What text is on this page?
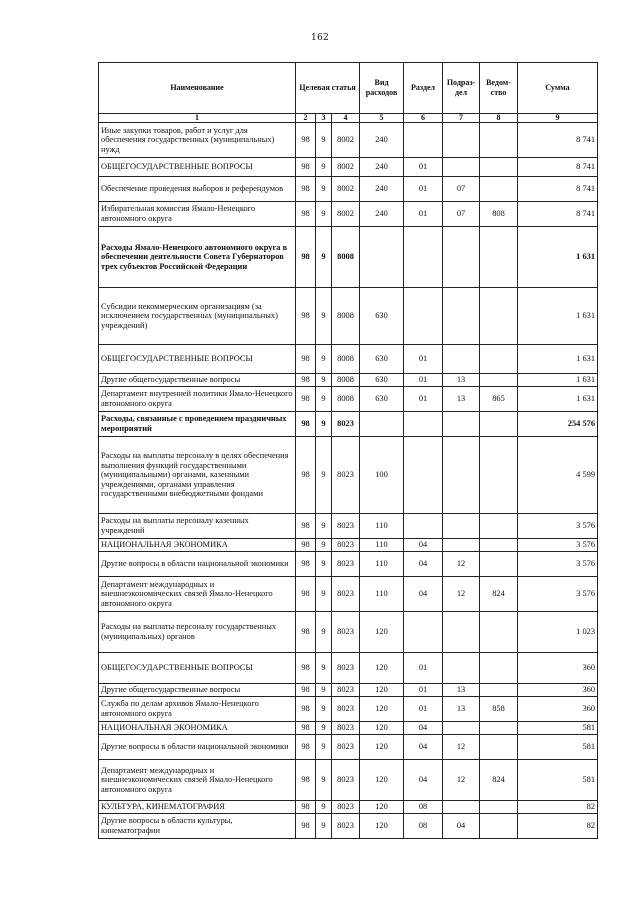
162
Наименование	Целевая статья			Вид расходов	Раздел	Подраз-дел	Ведом-ство	Сумма
1	2	3	4	5	6	7	8	9
Иные закупки товаров, работ и услуг для обеспечения государственных (муниципальных) нужд	98	9	8002	240				8 741
ОБЩЕГОСУДАРСТВЕННЫЕ ВОПРОСЫ	98	9	8002	240	01			8 741
Обеспечение проведения выборов и референдумов	98	9	8002	240	01	07		8 741
Избирательная комиссия Ямало-Ненецкого автономного округа	98	9	8002	240	01	07	808	8 741
Расходы Ямало-Ненецкого автономного округа в обеспечении деятельности Совета Губернаторов трех субъектов Российской Федерации	98	9	8008					1 631
Субсидии некоммерческим организациям (за исключением государственных (муниципальных) учреждений)	98	9	8008	630				1 631
ОБЩЕГОСУДАРСТВЕННЫЕ ВОПРОСЫ	98	9	8008	630	01			1 631
Другие общегосударственные вопросы	98	9	8008	630	01	13		1 631
Департамент внутренней политики Ямало-Ненецкого автономного округа	98	9	8008	630	01	13	865	1 631
Расходы, связанные с проведением праздничных мероприятий	98	9	8023					254 576
Расходы на выплаты персоналу в целях обеспечения выполнения функций государственными (муниципальными) органами, казенными учреждениями, органами управления государственными внебюджетными фондами	98	9	8023	100				4 599
Расходы на выплаты персоналу казенных учреждений	98	9	8023	110				3 576
НАЦИОНАЛЬНАЯ ЭКОНОМИКА	98	9	8023	110	04			3 576
Другие вопросы в области национальной экономики	98	9	8023	110	04	12		3 576
Департамент международных и внешнеэкономических связей Ямало-Ненецкого автономного округа	98	9	8023	110	04	12	824	3 576
Расходы на выплаты персоналу государственных (муниципальных) органов	98	9	8023	120				1 023
ОБЩЕГОСУДАРСТВЕННЫЕ ВОПРОСЫ	98	9	8023	120	01			360
Другие общегосударственные вопросы	98	9	8023	120	01	13		360
Служба по делам архивов Ямало-Ненецкого автономного округа	98	9	8023	120	01	13	858	360
НАЦИОНАЛЬНАЯ ЭКОНОМИКА	98	9	8023	120	04			581
Другие вопросы в области национальной экономики	98	9	8023	120	04	12		581
Департамент международных и внешнеэкономических связей Ямало-Ненецкого автономного округа	98	9	8023	120	04	12	824	581
КУЛЬТУРА, КИНЕМАТОГРАФИЯ	98	9	8023	120	08			82
Другие вопросы в области культуры, кинематографии	98	9	8023	120	08	04		82
